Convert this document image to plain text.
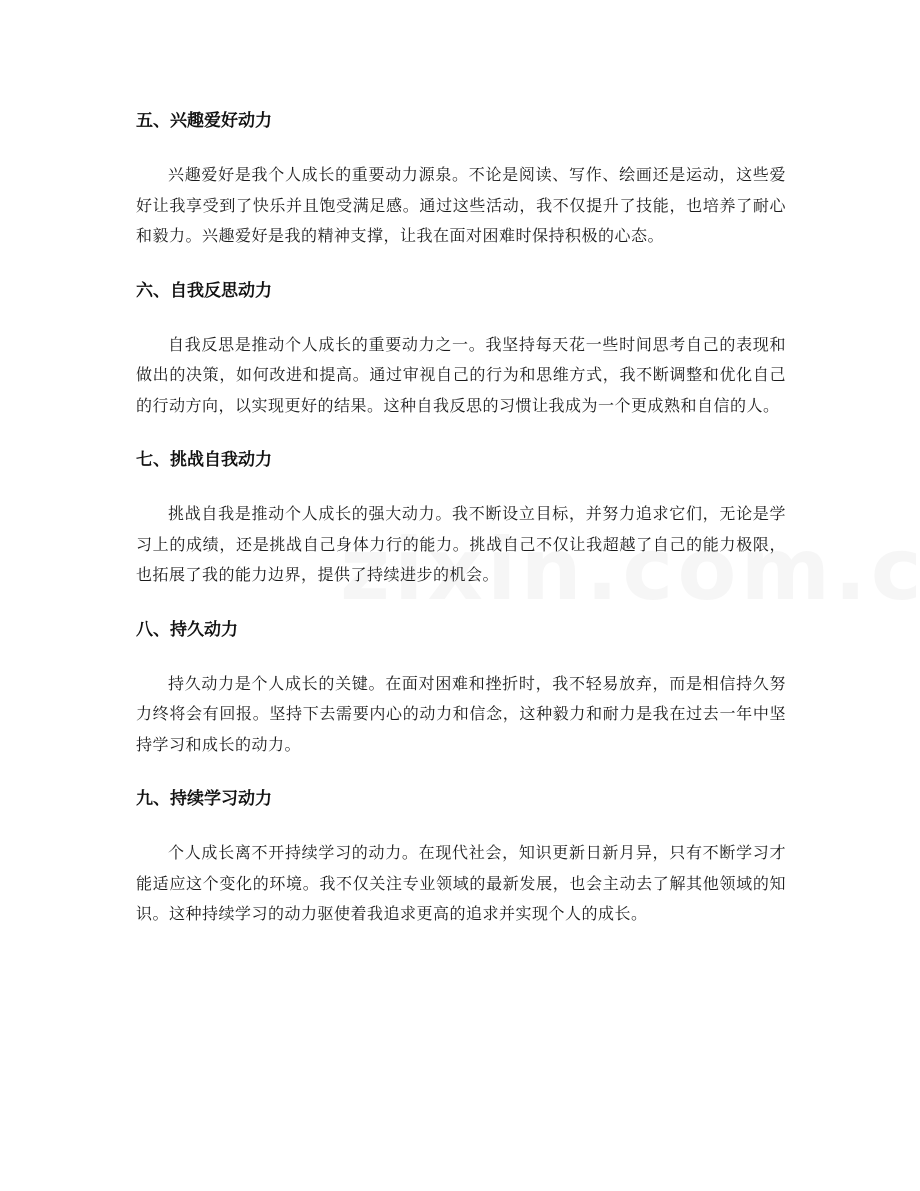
五、兴趣爱好动力

兴趣爱好是我个人成长的重要动力源泉。不论是阅读、写作、绘画还是运动，这些爱好让我享受到了快乐并且饱受满足感。通过这些活动，我不仅提升了技能，也培养了耐心和毅力。兴趣爱好是我的精神支撑，让我在面对困难时保持积极的心态。

六、自我反思动力

自我反思是推动个人成长的重要动力之一。我坚持每天花一些时间思考自己的表现和做出的决策，如何改进和提高。通过审视自己的行为和思维方式，我不断调整和优化自己的行动方向，以实现更好的结果。这种自我反思的习惯让我成为一个更成熟和自信的人。

七、挑战自我动力

挑战自我是推动个人成长的强大动力。我不断设立目标，并努力追求它们，无论是学习上的成绩，还是挑战自己身体力行的能力。挑战自己不仅让我超越了自己的能力极限，也拓展了我的能力边界，提供了持续进步的机会。

八、持久动力

持久动力是个人成长的关键。在面对困难和挫折时，我不轻易放弃，而是相信持久努力终将会有回报。坚持下去需要内心的动力和信念，这种毅力和耐力是我在过去一年中坚持学习和成长的动力。

九、持续学习动力

个人成长离不开持续学习的动力。在现代社会，知识更新日新月异，只有不断学习才能适应这个变化的环境。我不仅关注专业领域的最新发展，也会主动去了解其他领域的知识。这种持续学习的动力驱使着我追求更高的追求并实现个人的成长。
